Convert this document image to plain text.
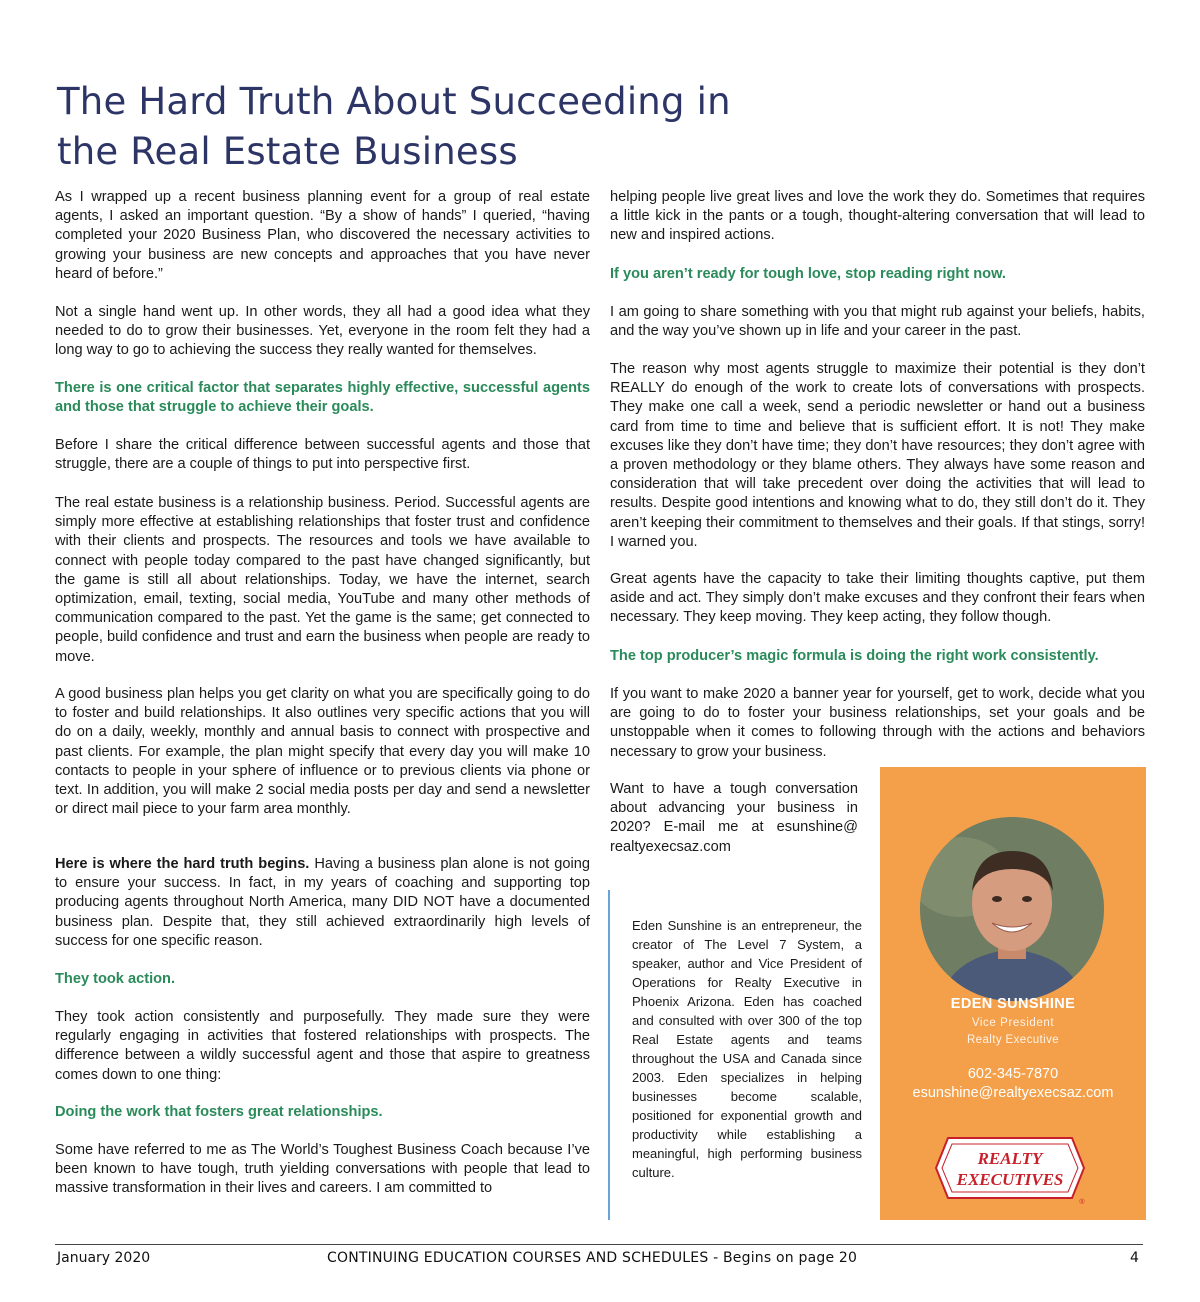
The Hard Truth About Succeeding in
the Real Estate Business

As I wrapped up a recent business planning event for a group of real estate agents, I asked an important question. “By a show of hands” I queried, “having completed your 2020 Business Plan, who discovered the necessary activities to growing your business are new concepts and approaches that you have never heard of before.”

Not a single hand went up. In other words, they all had a good idea what they needed to do to grow their businesses. Yet, everyone in the room felt they had a long way to go to achieving the success they really wanted for themselves.

There is one critical factor that separates highly effective, successful agents and those that struggle to achieve their goals.

Before I share the critical difference between successful agents and those that struggle, there are a couple of things to put into perspective first.

The real estate business is a relationship business. Period. Successful agents are simply more effective at establishing relationships that foster trust and confidence with their clients and prospects. The resources and tools we have available to connect with people today compared to the past have changed significantly, but the game is still all about relationships. Today, we have the internet, search optimization, email, texting, social media, YouTube and many other methods of communication compared to the past. Yet the game is the same; get connected to people, build confidence and trust and earn the business when people are ready to move.

A good business plan helps you get clarity on what you are specifically going to do to foster and build relationships. It also outlines very specific actions that you will do on a daily, weekly, monthly and annual basis to connect with prospective and past clients. For example, the plan might specify that every day you will make 10 contacts to people in your sphere of influence or to previous clients via phone or text. In addition, you will make 2 social media posts per day and send a newsletter or direct mail piece to your farm area monthly.

Here is where the hard truth begins. Having a business plan alone is not going to ensure your success. In fact, in my years of coaching and supporting top producing agents throughout North America, many DID NOT have a documented business plan. Despite that, they still achieved extraordinarily high levels of success for one specific reason.

They took action.

They took action consistently and purposefully. They made sure they were regularly engaging in activities that fostered relationships with prospects. The difference between a wildly successful agent and those that aspire to greatness comes down to one thing:

Doing the work that fosters great relationships.

Some have referred to me as The World’s Toughest Business Coach because I’ve been known to have tough, truth yielding conversations with people that lead to massive transformation in their lives and careers. I am committed to

helping people live great lives and love the work they do. Sometimes that requires a little kick in the pants or a tough, thought-altering conversation that will lead to new and inspired actions.

If you aren’t ready for tough love, stop reading right now.

I am going to share something with you that might rub against your beliefs, habits, and the way you’ve shown up in life and your career in the past.

The reason why most agents struggle to maximize their potential is they don’t REALLY do enough of the work to create lots of conversations with prospects. They make one call a week, send a periodic newsletter or hand out a business card from time to time and believe that is sufficient effort. It is not! They make excuses like they don’t have time; they don’t have resources; they don’t agree with a proven methodology or they blame others. They always have some reason and consideration that will take precedent over doing the activities that will lead to results. Despite good intentions and knowing what to do, they still don’t do it. They aren’t keeping their commitment to themselves and their goals. If that stings, sorry! I warned you.

Great agents have the capacity to take their limiting thoughts captive, put them aside and act. They simply don’t make excuses and they confront their fears when necessary. They keep moving. They keep acting, they follow though.

The top producer’s magic formula is doing the right work consistently.

If you want to make 2020 a banner year for yourself, get to work, decide what you are going to do to foster your business relationships, set your goals and be unstoppable when it comes to following through with the actions and behaviors necessary to grow your business.

Want to have a tough conversation about advancing your business in 2020? E-mail me at esunshine@ realtyexecsaz.com

Eden Sunshine is an entrepreneur, the creator of The Level 7 System, a speaker, author and Vice President of Operations for Realty Executive in Phoenix Arizona. Eden has coached and consulted with over 300 of the top Real Estate agents and teams throughout the USA and Canada since 2003. Eden specializes in helping businesses become scalable, positioned for exponential growth and productivity while establishing a meaningful, high performing business culture.

EDEN SUNSHINE
Vice President
Realty Executive
602-345-7870
esunshine@realtyexecsaz.com
REALTY
EXECUTIVES
®
January 2020	CONTINUING EDUCATION COURSES AND SCHEDULES - Begins on page 20	4
